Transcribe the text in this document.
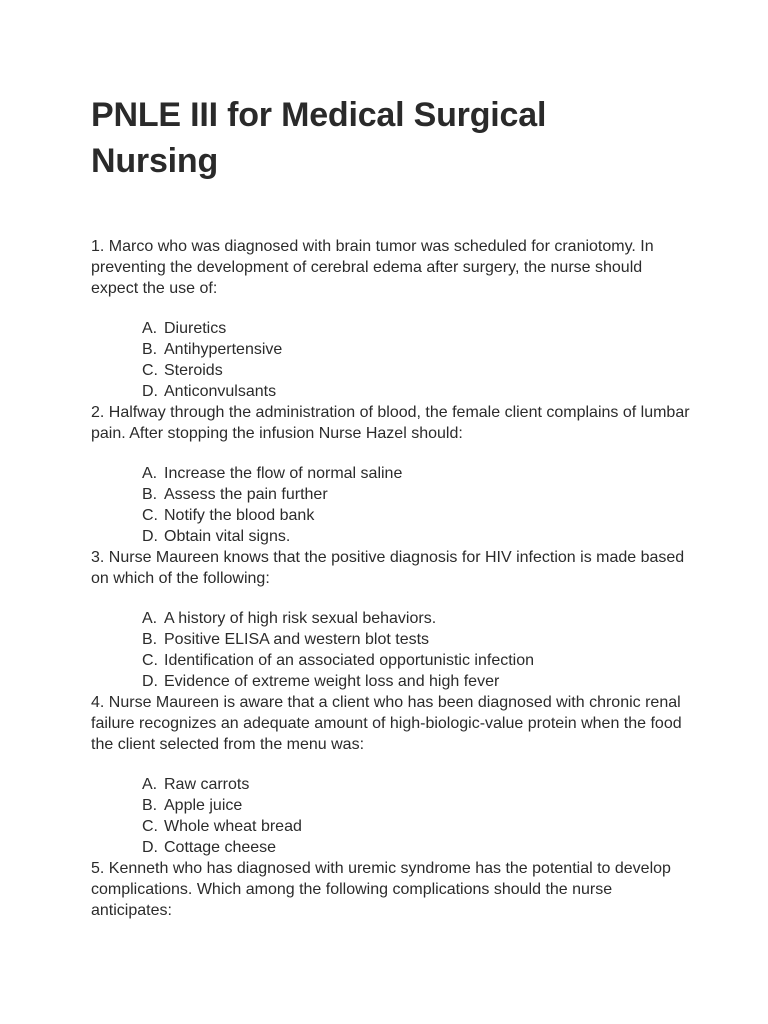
PNLE III for Medical Surgical
Nursing

1. Marco who was diagnosed with brain tumor was scheduled for craniotomy. In preventing the development of cerebral edema after surgery, the nurse should expect the use of:

A. Diuretics
B. Antihypertensive
C. Steroids
D. Anticonvulsants

2. Halfway through the administration of blood, the female client complains of lumbar pain. After stopping the infusion Nurse Hazel should:

A. Increase the flow of normal saline
B. Assess the pain further
C. Notify the blood bank
D. Obtain vital signs.

3. Nurse Maureen knows that the positive diagnosis for HIV infection is made based on which of the following:

A. A history of high risk sexual behaviors.
B. Positive ELISA and western blot tests
C. Identification of an associated opportunistic infection
D. Evidence of extreme weight loss and high fever

4. Nurse Maureen is aware that a client who has been diagnosed with chronic renal failure recognizes an adequate amount of high-biologic-value protein when the food the client selected from the menu was:

A. Raw carrots
B. Apple juice
C. Whole wheat bread
D. Cottage cheese

5. Kenneth who has diagnosed with uremic syndrome has the potential to develop complications. Which among the following complications should the nurse anticipates:
